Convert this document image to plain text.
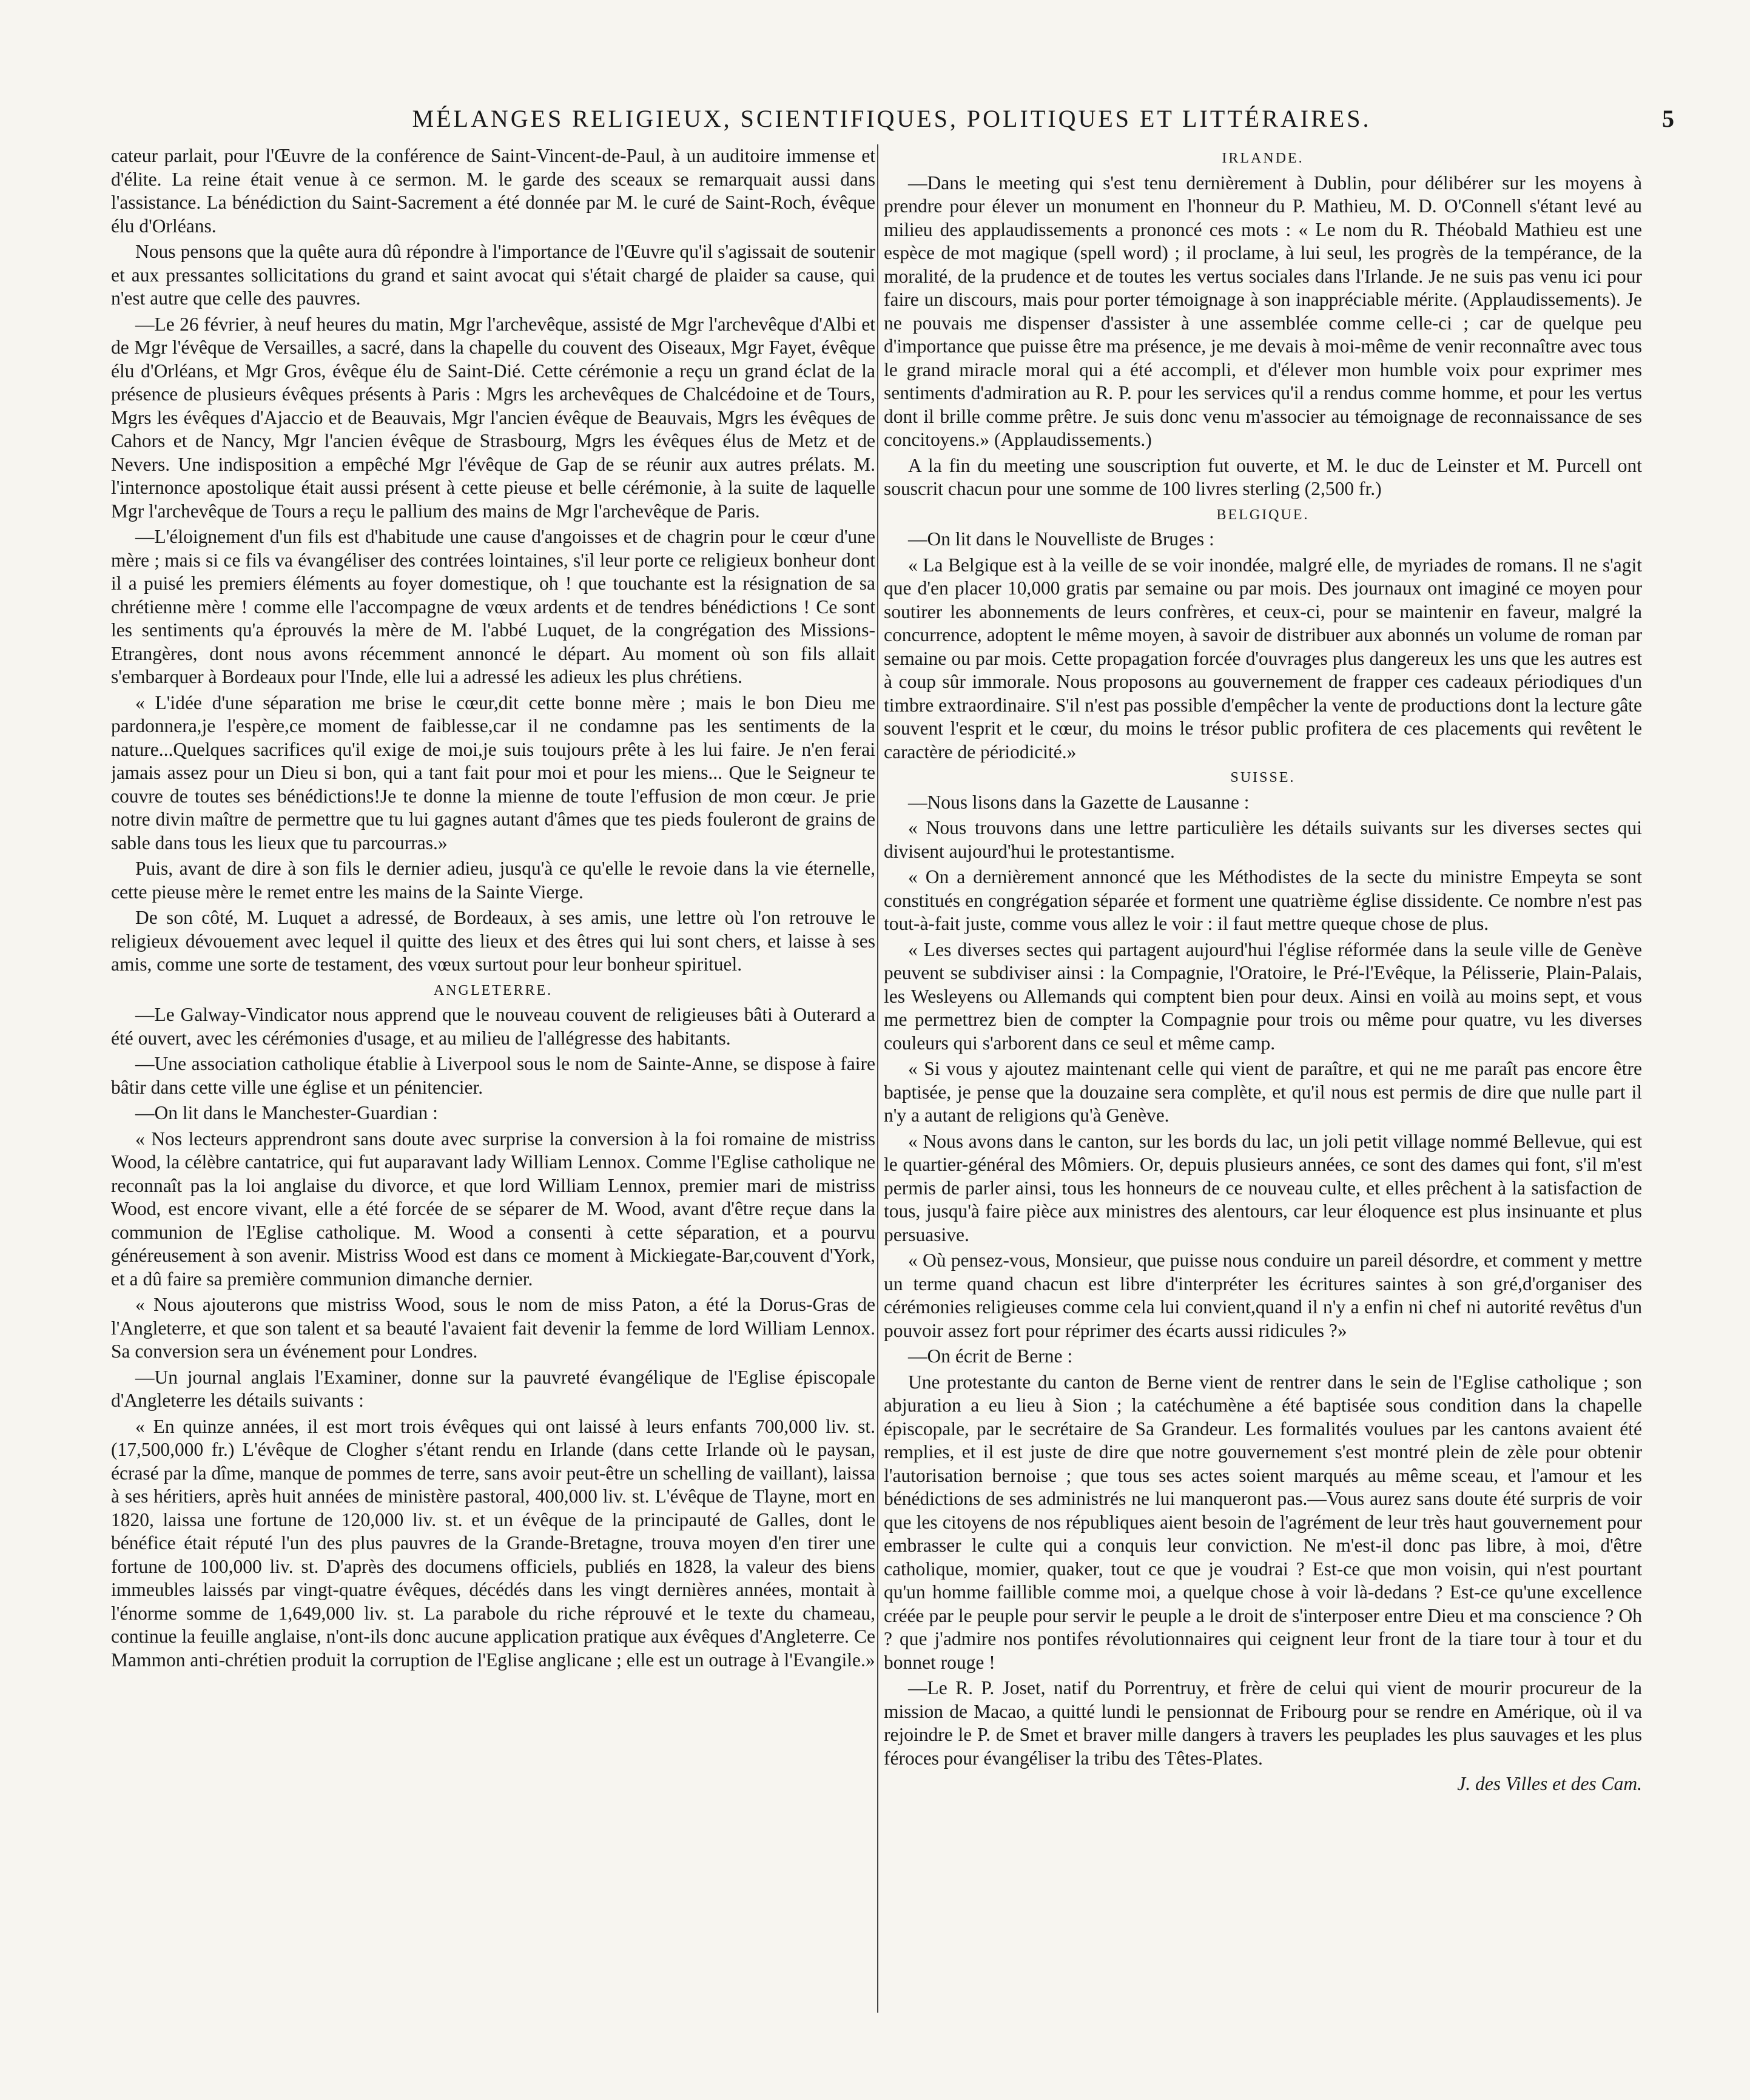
MÉLANGES RELIGIEUX, SCIENTIFIQUES, POLITIQUES ET LITTÉRAIRES.	5

cateur parlait, pour l'Œuvre de la conférence de Saint-Vincent-de-Paul, à un auditoire immense et d'élite. La reine était venue à ce sermon. M. le garde des sceaux se remarquait aussi dans l'assistance. La bénédiction du Saint-Sacrement a été donnée par M. le curé de Saint-Roch, évêque élu d'Orléans.

Nous pensons que la quête aura dû répondre à l'importance de l'Œuvre qu'il s'agissait de soutenir et aux pressantes sollicitations du grand et saint avocat qui s'était chargé de plaider sa cause, qui n'est autre que celle des pauvres.

—Le 26 février, à neuf heures du matin, Mgr l'archevêque, assisté de Mgr l'archevêque d'Albi et de Mgr l'évêque de Versailles, a sacré, dans la chapelle du couvent des Oiseaux, Mgr Fayet, évêque élu d'Orléans, et Mgr Gros, évêque élu de Saint-Dié. Cette cérémonie a reçu un grand éclat de la présence de plusieurs évêques présents à Paris : Mgrs les archevêques de Chalcédoine et de Tours, Mgrs les évêques d'Ajaccio et de Beauvais, Mgr l'ancien évêque de Beauvais, Mgrs les évêques de Cahors et de Nancy, Mgr l'ancien évêque de Strasbourg, Mgrs les évêques élus de Metz et de Nevers. Une indisposition a empêché Mgr l'évêque de Gap de se réunir aux autres prélats. M. l'internonce apostolique était aussi présent à cette pieuse et belle cérémonie, à la suite de laquelle Mgr l'archevêque de Tours a reçu le pallium des mains de Mgr l'archevêque de Paris.

—L'éloignement d'un fils est d'habitude une cause d'angoisses et de chagrin pour le cœur d'une mère ; mais si ce fils va évangéliser des contrées lointaines, s'il leur porte ce religieux bonheur dont il a puisé les premiers éléments au foyer domestique, oh ! que touchante est la résignation de sa chrétienne mère ! comme elle l'accompagne de vœux ardents et de tendres bénédictions ! Ce sont les sentiments qu'a éprouvés la mère de M. l'abbé Luquet, de la congrégation des Missions-Etrangères, dont nous avons récemment annoncé le départ. Au moment où son fils allait s'embarquer à Bordeaux pour l'Inde, elle lui a adressé les adieux les plus chrétiens.

« L'idée d'une séparation me brise le cœur,dit cette bonne mère ; mais le bon Dieu me pardonnera,je l'espère,ce moment de faiblesse,car il ne condamne pas les sentiments de la nature...Quelques sacrifices qu'il exige de moi,je suis toujours prête à les lui faire. Je n'en ferai jamais assez pour un Dieu si bon, qui a tant fait pour moi et pour les miens... Que le Seigneur te couvre de toutes ses bénédictions!Je te donne la mienne de toute l'effusion de mon cœur. Je prie notre divin maître de permettre que tu lui gagnes autant d'âmes que tes pieds fouleront de grains de sable dans tous les lieux que tu parcourras.»

Puis, avant de dire à son fils le dernier adieu, jusqu'à ce qu'elle le revoie dans la vie éternelle, cette pieuse mère le remet entre les mains de la Sainte Vierge.

De son côté, M. Luquet a adressé, de Bordeaux, à ses amis, une lettre où l'on retrouve le religieux dévouement avec lequel il quitte des lieux et des êtres qui lui sont chers, et laisse à ses amis, comme une sorte de testament, des vœux surtout pour leur bonheur spirituel.

ANGLETERRE.

—Le Galway-Vindicator nous apprend que le nouveau couvent de religieuses bâti à Outerard a été ouvert, avec les cérémonies d'usage, et au milieu de l'allégresse des habitants.

—Une association catholique établie à Liverpool sous le nom de Sainte-Anne, se dispose à faire bâtir dans cette ville une église et un pénitencier.

—On lit dans le Manchester-Guardian :

« Nos lecteurs apprendront sans doute avec surprise la conversion à la foi romaine de mistriss Wood, la célèbre cantatrice, qui fut auparavant lady William Lennox. Comme l'Eglise catholique ne reconnaît pas la loi anglaise du divorce, et que lord William Lennox, premier mari de mistriss Wood, est encore vivant, elle a été forcée de se séparer de M. Wood, avant d'être reçue dans la communion de l'Eglise catholique. M. Wood a consenti à cette séparation, et a pourvu généreusement à son avenir. Mistriss Wood est dans ce moment à Mickiegate-Bar,couvent d'York, et a dû faire sa première communion dimanche dernier.

« Nous ajouterons que mistriss Wood, sous le nom de miss Paton, a été la Dorus-Gras de l'Angleterre, et que son talent et sa beauté l'avaient fait devenir la femme de lord William Lennox. Sa conversion sera un événement pour Londres.

—Un journal anglais l'Examiner, donne sur la pauvreté évangélique de l'Eglise épiscopale d'Angleterre les détails suivants :

« En quinze années, il est mort trois évêques qui ont laissé à leurs enfants 700,000 liv. st. (17,500,000 fr.) L'évêque de Clogher s'étant rendu en Irlande (dans cette Irlande où le paysan, écrasé par la dîme, manque de pommes de terre, sans avoir peut-être un schelling de vaillant), laissa à ses héritiers, après huit années de ministère pastoral, 400,000 liv. st. L'évêque de Tlayne, mort en 1820, laissa une fortune de 120,000 liv. st. et un évêque de la principauté de Galles, dont le bénéfice était réputé l'un des plus pauvres de la Grande-Bretagne, trouva moyen d'en tirer une fortune de 100,000 liv. st. D'après des documens officiels, publiés en 1828, la valeur des biens immeubles laissés par vingt-quatre évêques, décédés dans les vingt dernières années, montait à l'énorme somme de 1,649,000 liv. st. La parabole du riche réprouvé et le texte du chameau, continue la feuille anglaise, n'ont-ils donc aucune application pratique aux évêques d'Angleterre. Ce Mammon anti-chrétien produit la corruption de l'Eglise anglicane ; elle est un outrage à l'Evangile.»

IRLANDE.

—Dans le meeting qui s'est tenu dernièrement à Dublin, pour délibérer sur les moyens à prendre pour élever un monument en l'honneur du P. Mathieu, M. D. O'Connell s'étant levé au milieu des applaudissements a prononcé ces mots : « Le nom du R. Théobald Mathieu est une espèce de mot magique (spell word) ; il proclame, à lui seul, les progrès de la tempérance, de la moralité, de la prudence et de toutes les vertus sociales dans l'Irlande. Je ne suis pas venu ici pour faire un discours, mais pour porter témoignage à son inappréciable mérite. (Applaudissements). Je ne pouvais me dispenser d'assister à une assemblée comme celle-ci ; car de quelque peu d'importance que puisse être ma présence, je me devais à moi-même de venir reconnaître avec tous le grand miracle moral qui a été accompli, et d'élever mon humble voix pour exprimer mes sentiments d'admiration au R. P. pour les services qu'il a rendus comme homme, et pour les vertus dont il brille comme prêtre. Je suis donc venu m'associer au témoignage de reconnaissance de ses concitoyens.» (Applaudissements.)

A la fin du meeting une souscription fut ouverte, et M. le duc de Leinster et M. Purcell ont souscrit chacun pour une somme de 100 livres sterling (2,500 fr.)

BELGIQUE.

—On lit dans le Nouvelliste de Bruges :

« La Belgique est à la veille de se voir inondée, malgré elle, de myriades de romans. Il ne s'agit que d'en placer 10,000 gratis par semaine ou par mois. Des journaux ont imaginé ce moyen pour soutirer les abonnements de leurs confrères, et ceux-ci, pour se maintenir en faveur, malgré la concurrence, adoptent le même moyen, à savoir de distribuer aux abonnés un volume de roman par semaine ou par mois. Cette propagation forcée d'ouvrages plus dangereux les uns que les autres est à coup sûr immorale. Nous proposons au gouvernement de frapper ces cadeaux périodiques d'un timbre extraordinaire. S'il n'est pas possible d'empêcher la vente de productions dont la lecture gâte souvent l'esprit et le cœur, du moins le trésor public profitera de ces placements qui revêtent le caractère de périodicité.»

SUISSE.

—Nous lisons dans la Gazette de Lausanne :

« Nous trouvons dans une lettre particulière les détails suivants sur les diverses sectes qui divisent aujourd'hui le protestantisme.

« On a dernièrement annoncé que les Méthodistes de la secte du ministre Empeyta se sont constitués en congrégation séparée et forment une quatrième église dissidente. Ce nombre n'est pas tout-à-fait juste, comme vous allez le voir : il faut mettre queque chose de plus.

« Les diverses sectes qui partagent aujourd'hui l'église réformée dans la seule ville de Genève peuvent se subdiviser ainsi : la Compagnie, l'Oratoire, le Pré-l'Evêque, la Pélisserie, Plain-Palais, les Wesleyens ou Allemands qui comptent bien pour deux. Ainsi en voilà au moins sept, et vous me permettrez bien de compter la Compagnie pour trois ou même pour quatre, vu les diverses couleurs qui s'arborent dans ce seul et même camp.

« Si vous y ajoutez maintenant celle qui vient de paraître, et qui ne me paraît pas encore être baptisée, je pense que la douzaine sera complète, et qu'il nous est permis de dire que nulle part il n'y a autant de religions qu'à Genève.

« Nous avons dans le canton, sur les bords du lac, un joli petit village nommé Bellevue, qui est le quartier-général des Mômiers. Or, depuis plusieurs années, ce sont des dames qui font, s'il m'est permis de parler ainsi, tous les honneurs de ce nouveau culte, et elles prêchent à la satisfaction de tous, jusqu'à faire pièce aux ministres des alentours, car leur éloquence est plus insinuante et plus persuasive.

« Où pensez-vous, Monsieur, que puisse nous conduire un pareil désordre, et comment y mettre un terme quand chacun est libre d'interpréter les écritures saintes à son gré,d'organiser des cérémonies religieuses comme cela lui convient,quand il n'y a enfin ni chef ni autorité revêtus d'un pouvoir assez fort pour réprimer des écarts aussi ridicules ?»

—On écrit de Berne :

Une protestante du canton de Berne vient de rentrer dans le sein de l'Eglise catholique ; son abjuration a eu lieu à Sion ; la catéchumène a été baptisée sous condition dans la chapelle épiscopale, par le secrétaire de Sa Grandeur. Les formalités voulues par les cantons avaient été remplies, et il est juste de dire que notre gouvernement s'est montré plein de zèle pour obtenir l'autorisation bernoise ; que tous ses actes soient marqués au même sceau, et l'amour et les bénédictions de ses administrés ne lui manqueront pas.—Vous aurez sans doute été surpris de voir que les citoyens de nos républiques aient besoin de l'agrément de leur très haut gouvernement pour embrasser le culte qui a conquis leur conviction. Ne m'est-il donc pas libre, à moi, d'être catholique, momier, quaker, tout ce que je voudrai ? Est-ce que mon voisin, qui n'est pourtant qu'un homme faillible comme moi, a quelque chose à voir là-dedans ? Est-ce qu'une excellence créée par le peuple pour servir le peuple a le droit de s'interposer entre Dieu et ma conscience ? Oh ? que j'admire nos pontifes révolutionnaires qui ceignent leur front de la tiare tour à tour et du bonnet rouge !

—Le R. P. Joset, natif du Porrentruy, et frère de celui qui vient de mourir procureur de la mission de Macao, a quitté lundi le pensionnat de Fribourg pour se rendre en Amérique, où il va rejoindre le P. de Smet et braver mille dangers à travers les peuplades les plus sauvages et les plus féroces pour évangéliser la tribu des Têtes-Plates.

J. des Villes et des Cam.
